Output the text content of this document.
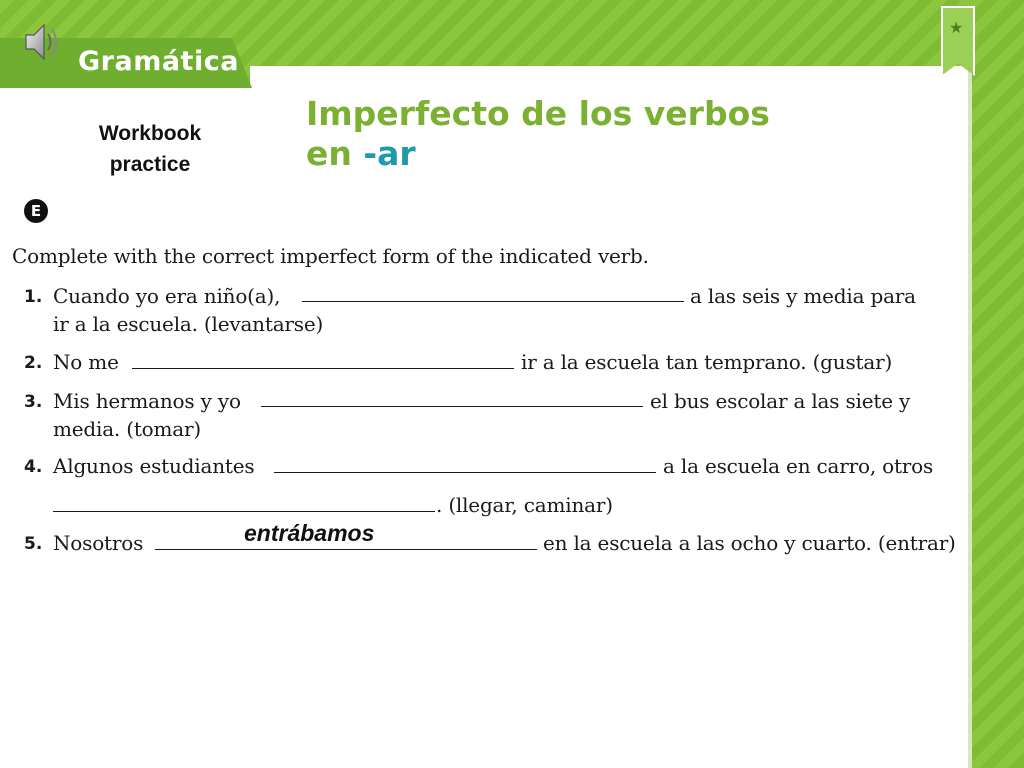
★
Gramática
Workbook
practice
Imperfecto de los verbos
en -ar
E
Complete with the correct imperfect form of the indicated verb.
1. Cuando yo era niño(a),	a las seis y media para
ir a la escuela. (levantarse)
2. No me	ir a la escuela tan temprano. (gustar)
3. Mis hermanos y yo	el bus escolar a las siete y
media. (tomar)
4. Algunos estudiantes	a la escuela en carro, otros
. (llegar, caminar)
5. Nosotros	en la escuela a las ocho y cuarto. (entrar)
entrábamos
